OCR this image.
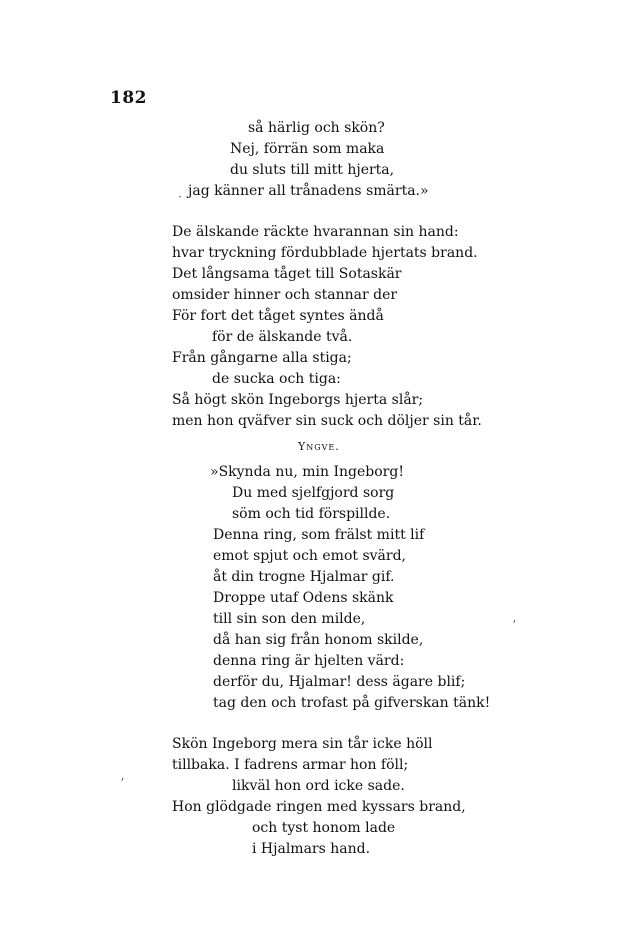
182
så härlig och skön?
Nej, förrän som maka
du sluts till mitt hjerta,
jag känner all trånadens smärta.»
·
De älskande räckte hvarannan sin hand:
hvar tryckning fördubblade hjertats brand.
Det långsama tåget till Sotaskär
omsider hinner och stannar der
För fort det tåget syntes ändå
för de älskande två.
Från gångarne alla stiga;
de sucka och tiga:
Så högt skön Ingeborgs hjerta slår;
men hon qväfver sin suck och döljer sin tår.
Yngve.
»Skynda nu, min Ingeborg!
Du med sjelfgjord sorg
söm och tid förspillde.
Denna ring, som frälst mitt lif
emot spjut och emot svärd,
åt din trogne Hjalmar gif.
Droppe utaf Odens skänk
till sin son den milde,
då han sig från honom skilde,
denna ring är hjelten värd:
derför du, Hjalmar! dess ägare blif;
tag den och trofast på gifverskan tänk!
ʼ
Skön Ingeborg mera sin tår icke höll
tillbaka. I fadrens armar hon föll;
likväl hon ord icke sade.
Hon glödgade ringen med kyssars brand,
och tyst honom lade
i Hjalmars hand.
ʼ
